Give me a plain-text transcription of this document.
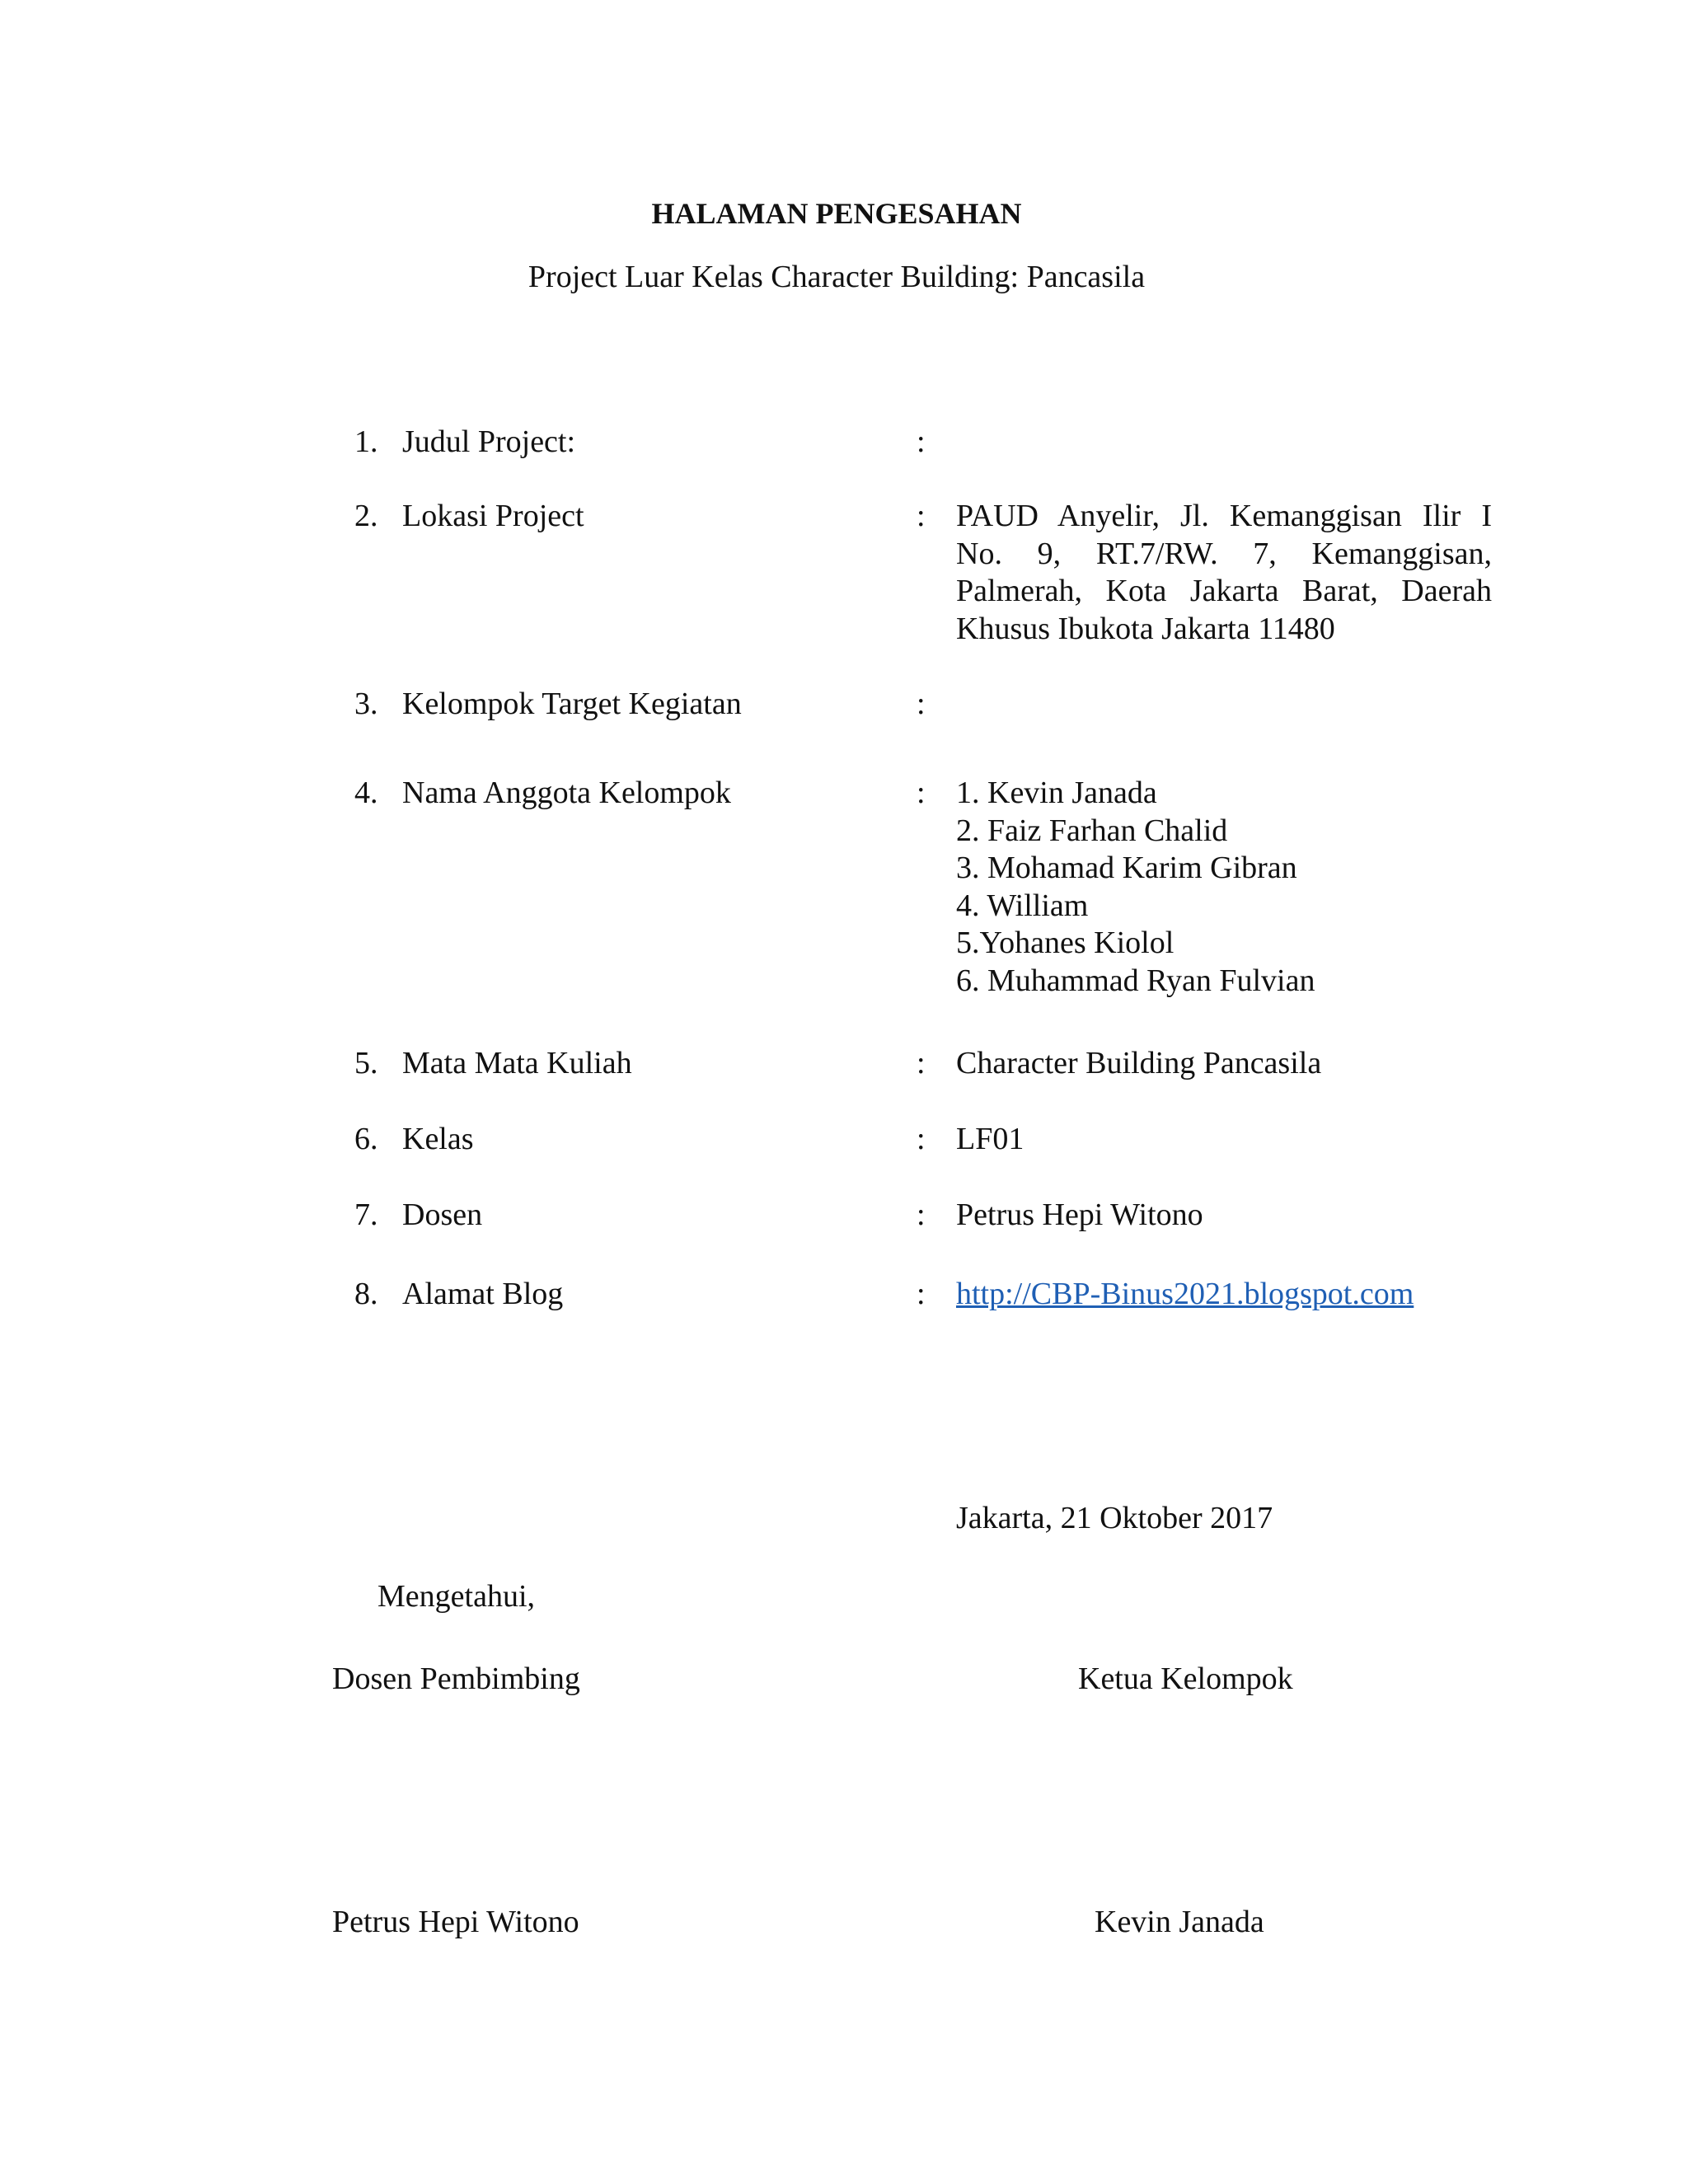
HALAMAN PENGESAHAN
Project Luar Kelas Character Building: Pancasila
1. Judul Project:	:
2. Lokasi Project	: PAUD Anyelir, Jl. Kemanggisan Ilir I
No. 9, RT.7/RW. 7, Kemanggisan,
Palmerah, Kota Jakarta Barat, Daerah
Khusus Ibukota Jakarta 11480
3. Kelompok Target Kegiatan	:
4. Nama Anggota Kelompok	: 1. Kevin Janada
2. Faiz Farhan Chalid
3. Mohamad Karim Gibran
4. William
5.Yohanes Kiolol
6. Muhammad Ryan Fulvian
5. Mata Mata Kuliah	: Character Building Pancasila
6. Kelas	: LF01
7. Dosen	: Petrus Hepi Witono
8. Alamat Blog	: http://CBP-Binus2021.blogspot.com
Jakarta, 21 Oktober 2017
Mengetahui,
Dosen Pembimbing	Ketua Kelompok
Petrus Hepi Witono	Kevin Janada
